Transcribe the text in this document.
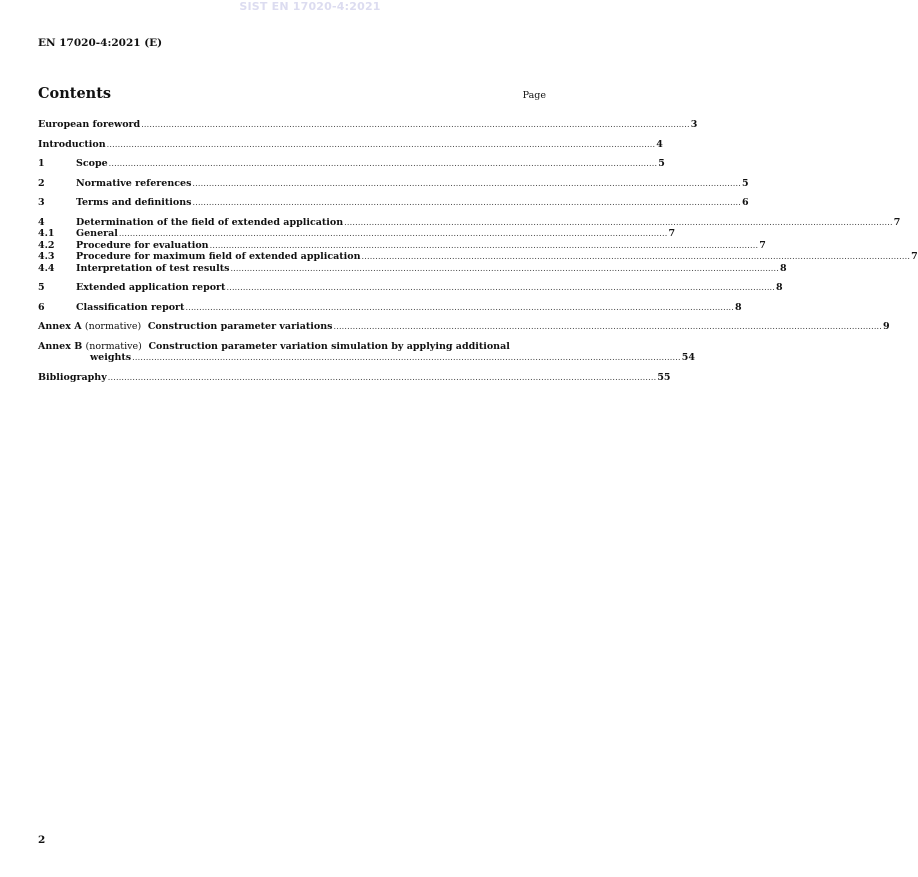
SIST EN 17020-4:2021
EN 17020-4:2021 (E)
Contents	Page
European foreword ........................................................................................................................................................................................................ 3
Introduction ........................................................................................................................................................................................................ 4
1	Scope ........................................................................................................................................................................................................ 5
2	Normative references ........................................................................................................................................................................................................ 5
3	Terms and definitions ........................................................................................................................................................................................................ 6
4	Determination of the field of extended application ........................................................................................................................................................................................................ 7
4.1	General ........................................................................................................................................................................................................ 7
4.2	Procedure for evaluation ........................................................................................................................................................................................................ 7
4.3	Procedure for maximum field of extended application ........................................................................................................................................................................................................ 7
4.4	Interpretation of test results ........................................................................................................................................................................................................ 8
5	Extended application report ........................................................................................................................................................................................................ 8
6	Classification report ........................................................................................................................................................................................................ 8
Annex A (normative) Construction parameter variations ........................................................................................................................................................................................................ 9
Annex B (normative) Construction parameter variation simulation by applying additional
weights ........................................................................................................................................................................................................ 54
Bibliography ........................................................................................................................................................................................................ 55
2
